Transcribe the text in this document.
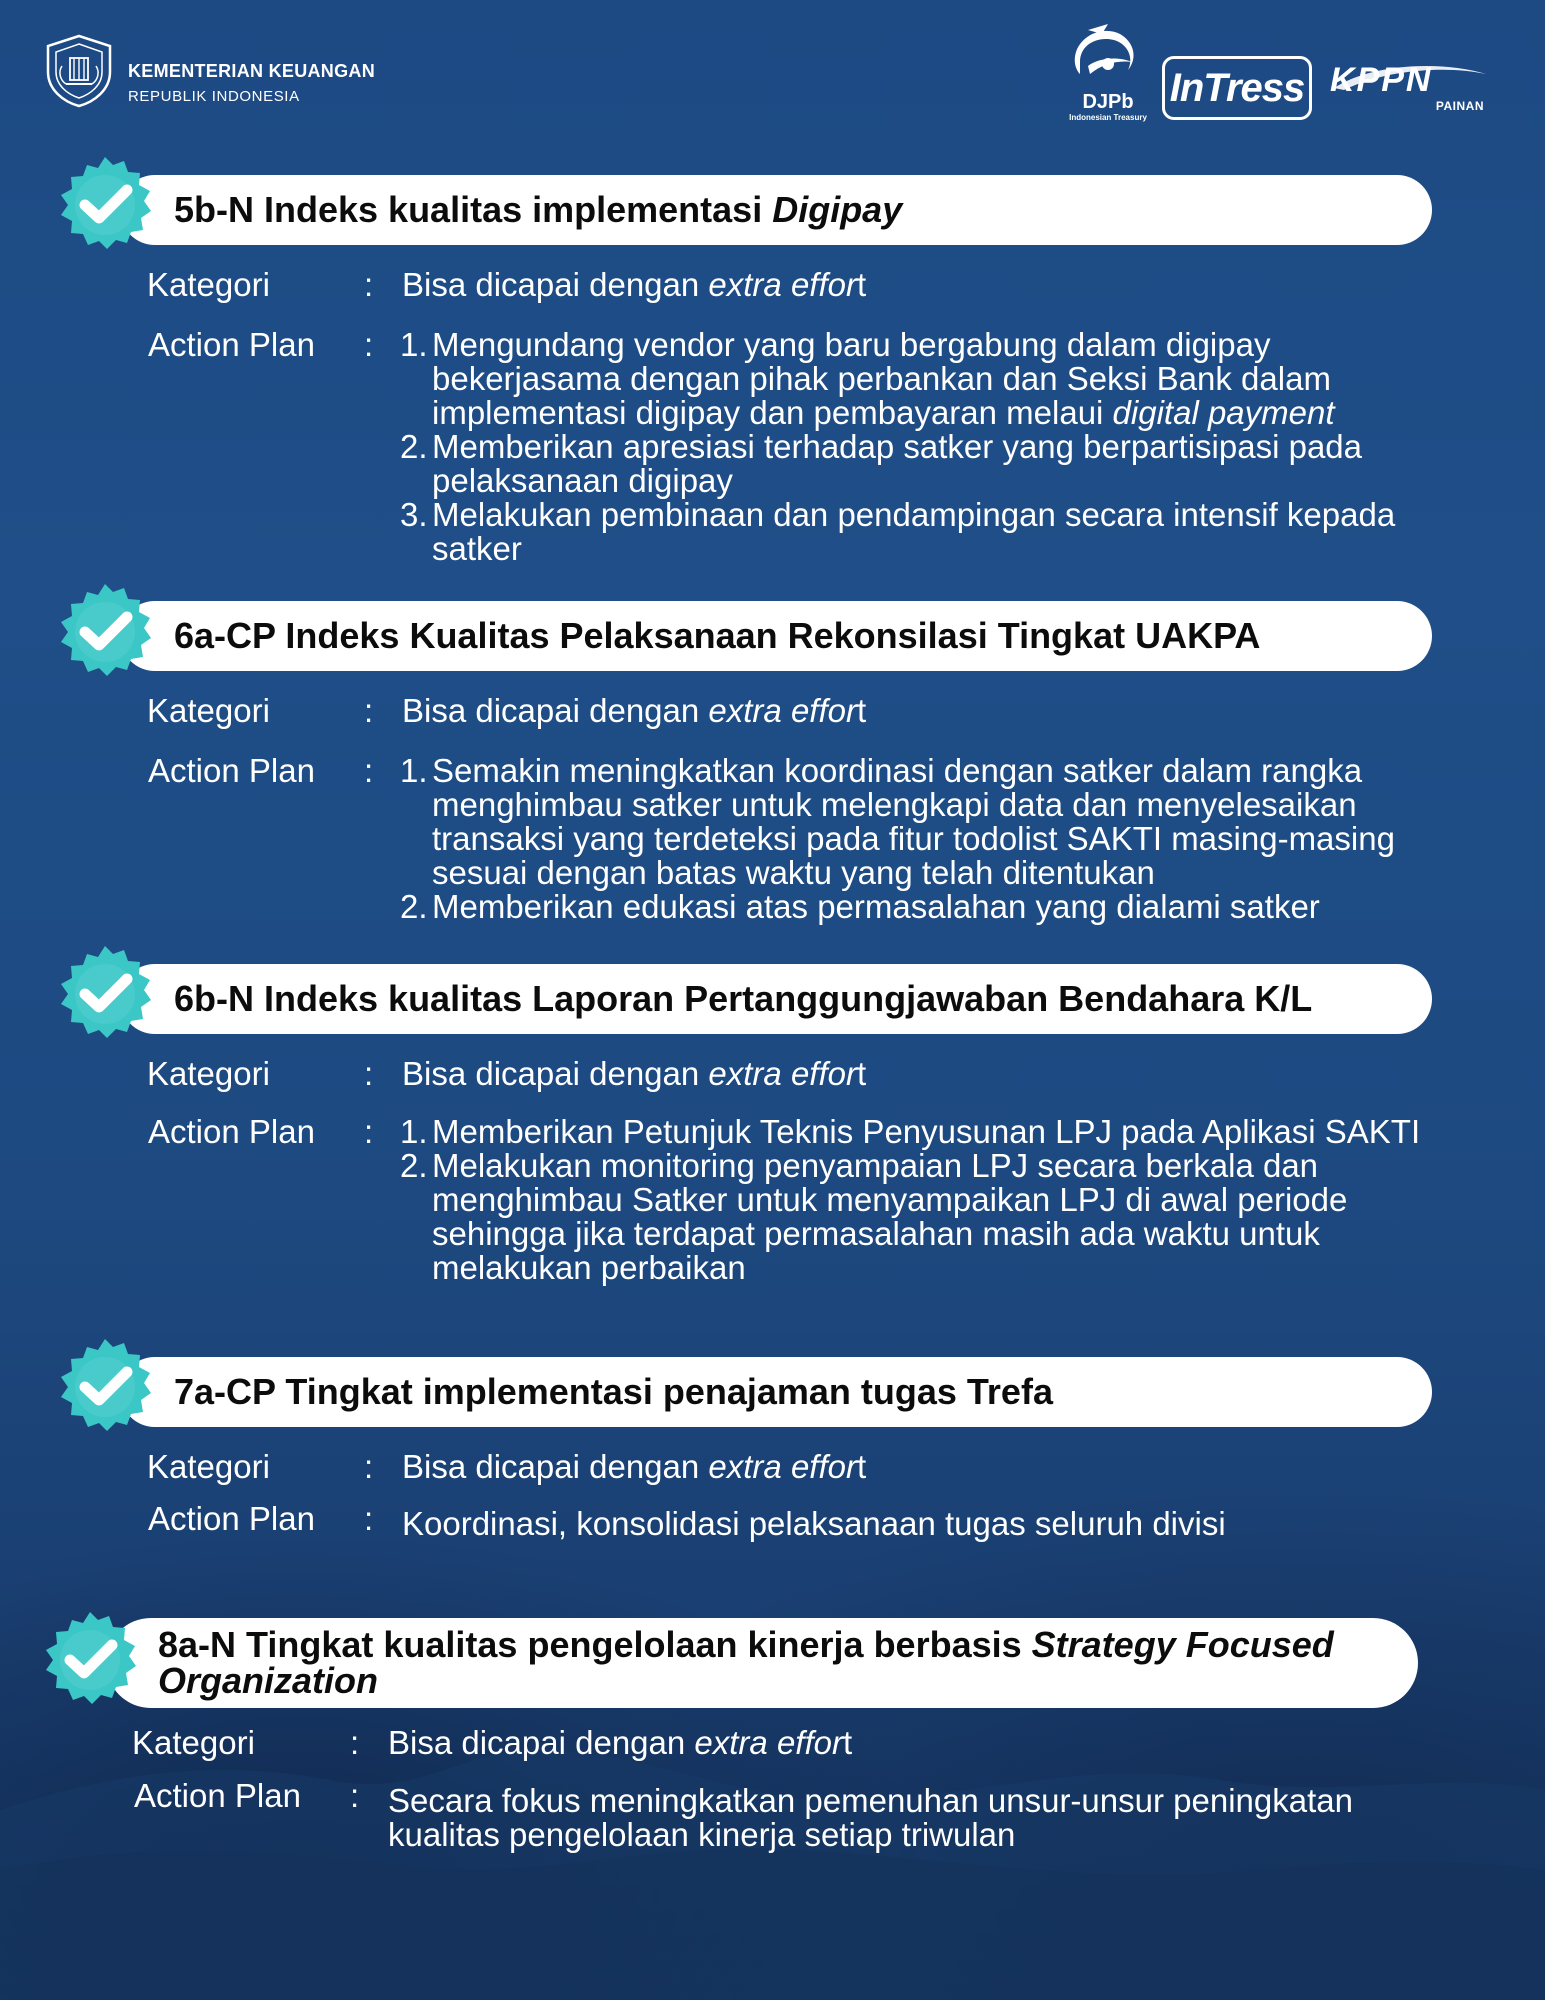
KEMENTERIAN KEUANGAN
REPUBLIK INDONESIA	DJPb
Indonesian Treasury
InTress KPPN
PAINAN
5b-N Indeks kualitas implementasi Digipay
Kategori	: Bisa dicapai dengan extra effort
Action Plan : 1. Mengundang vendor yang baru bergabung dalam digipay bekerjasama dengan pihak perbankan dan Seksi Bank dalam implementasi digipay dan pembayaran melaui digital payment
2. Memberikan apresiasi terhadap satker yang berpartisipasi pada pelaksanaan digipay
3. Melakukan pembinaan dan pendampingan secara intensif kepada satker
6a-CP Indeks Kualitas Pelaksanaan Rekonsilasi Tingkat UAKPA
Kategori	: Bisa dicapai dengan extra effort
Action Plan : 1. Semakin meningkatkan koordinasi dengan satker dalam rangka menghimbau satker untuk melengkapi data dan menyelesaikan transaksi yang terdeteksi pada fitur todolist SAKTI masing-masing sesuai dengan batas waktu yang telah ditentukan
2. Memberikan edukasi atas permasalahan yang dialami satker
6b-N Indeks kualitas Laporan Pertanggungjawaban Bendahara K/L
Kategori	: Bisa dicapai dengan extra effort
Action Plan : 1. Memberikan Petunjuk Teknis Penyusunan LPJ pada Aplikasi SAKTI
2. Melakukan monitoring penyampaian LPJ secara berkala dan menghimbau Satker untuk menyampaikan LPJ di awal periode sehingga jika terdapat permasalahan masih ada waktu untuk melakukan perbaikan
7a-CP Tingkat implementasi penajaman tugas Trefa
Kategori	: Bisa dicapai dengan extra effort
Action Plan : Koordinasi, konsolidasi pelaksanaan tugas seluruh divisi
8a-N Tingkat kualitas pengelolaan kinerja berbasis Strategy Focused Organization
Kategori	: Bisa dicapai dengan extra effort
Action Plan : Secara fokus meningkatkan pemenuhan unsur-unsur peningkatan kualitas pengelolaan kinerja setiap triwulan
